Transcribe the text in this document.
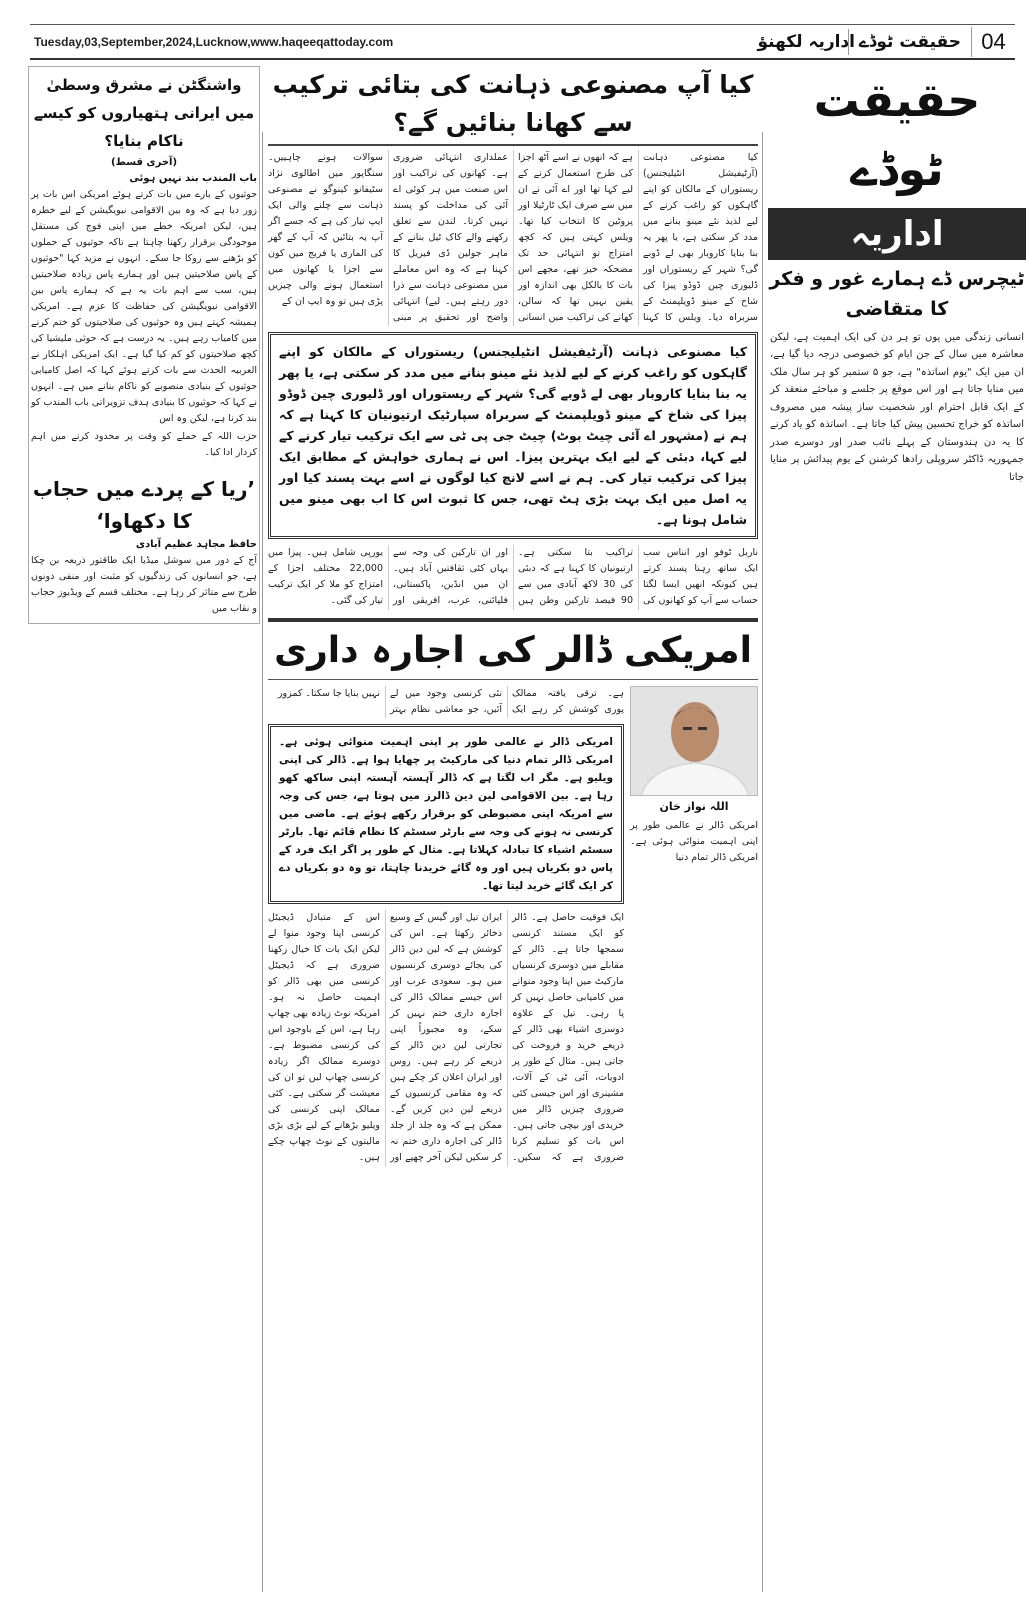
Tuesday,03,September,2024,Lucknow,www.haqeeqattoday.com	اداریہ لکھنؤ حقیقت ٹوڈے 04
واشنگٹن نے مشرق وسطیٰ میں ایرانی ہتھیاروں کو کیسے ناکام بنایا؟
(آخری قسط)
باب المندب بند نہیں ہوئی

حوثیوں کے بارے میں بات کرتے ہوئے امریکی اس بات پر زور دیا ہے کہ وہ بین الاقوامی نیویگیشن کے لیے خطرہ ہیں، لیکن امریکہ خطے میں اپنی فوج کی مستقل موجودگی برقرار رکھنا چاہتا ہے تاکہ حوثیوں کے حملوں کو بڑھنے سے روکا جا سکے۔ انہوں نے مزید کہا "حوثیوں کے پاس صلاحیتیں ہیں اور ہمارے پاس زیادہ صلاحیتیں ہیں، سب سے اہم بات یہ ہے کہ ہمارے پاس بین الاقوامی نیویگیشن کی حفاظت کا عزم ہے۔ امریکی ہمیشہ کہتے ہیں وہ حوثیوں کی صلاحیتوں کو ختم کرنے میں کامیاب رہے ہیں۔ یہ درست ہے کہ حوثی ملیشیا کی کچھ صلاحیتوں کو کم کیا گیا ہے۔ ایک امریکی اہلکار نے العربیہ الحدث سے بات کرتے ہوئے کہا کہ اصل کامیابی حوثیوں کے بنیادی منصوبے کو ناکام بنانے میں ہے۔ انہوں نے کہا کہ حوثیوں کا بنیادی ہدف تزویراتی باب المندب کو بند کرنا ہے، لیکن وہ اس

حزب اللہ کے حملے کو وقت پر محدود کرنے میں اہم کردار ادا کیا۔

’ریا کے پردے میں حجاب کا دکھاوا‘
حافظ مجاہد عظیم آبادی

آج کے دور میں سوشل میڈیا ایک طاقتور ذریعہ بن چکا ہے، جو انسانوں کی زندگیوں کو مثبت اور منفی دونوں طرح سے متاثر کر رہا ہے۔ مختلف قسم کے ویڈیوز حجاب و نقاب میں

کیا آپ مصنوعی ذہانت کی بتائی ترکیب سے کھانا بنائیں گے؟

کیا مصنوعی ذہانت (آرٹیفیشل انٹیلیجنس) ریستوراں کے مالکان کو اپنے گاہکوں کو راغب کرنے کے لیے لذیذ نئے مینو بنانے میں مدد کر سکتی ہے، یا پھر یہ بنا بنایا کاروبار بھی لے ڈوبے گی؟ شہر کے ریستوراں اور ڈلیوری چین ڈوڈو پیزا کی شاخ کے مینو ڈویلپمنٹ کے سربراہ دیا۔ ویلس کا کہنا ہے کہ انھوں نے اسے آٹھ اجزا کی طرح استعمال کرنے کے لیے کہا تھا اور اے آئی نے ان میں سے صرف ایک ٹارٹیلا اور پروٹین کا انتخاب کیا تھا۔ ویلس کہتی ہیں کہ کچھ امتزاج تو انتہائی حد تک مضحکہ خیز تھے، مجھے اس بات کا بالکل بھی اندازہ اور یقین نہیں تھا کہ سالن، کھانے کی تراکیب میں انسانی عملداری انتہائی ضروری ہے۔ کھانوں کی تراکیب اور اس صنعت میں ہر کوئی اے آئی کی مداخلت کو پسند نہیں کرتا۔ لندن سے تعلق رکھنے والے کاک ٹیل بنانے کے ماہر جولین ڈی فیریل کا کہنا ہے کہ وہ اس معاملے میں مصنوعی ذہانت سے ذرا دور رہتے ہیں۔ لیے) انتہائی واضح اور تحقیق پر مبنی سوالات ہونے چاہییں۔ سنگاپور میں اطالوی نژاد سٹیفانو کینوگو نے مصنوعی ذہانت سے چلنے والی ایک ایپ تیار کی ہے کہ جسے اگر آپ یہ بتائیں کہ آپ کے گھر کی الماری یا فریج میں کون سے اجزا یا کھانوں میں استعمال ہونے والی چیزیں پڑی ہیں تو وہ ایپ ان کے

کیا مصنوعی ذہانت (آرٹیفیشل انٹیلیجنس) ریستوراں کے مالکان کو اپنے گاہکوں کو راغب کرنے کے لیے لذیذ نئے مینو بنانے میں مدد کر سکتی ہے، یا پھر یہ بنا بنایا کاروبار بھی لے ڈوبے گی؟ شہر کے ریستوراں اور ڈلیوری چین ڈوڈو پیزا کی شاخ کے مینو ڈویلپمنٹ کے سربراہ سپارٹیک ارتیونیان کا کہنا ہے کہ ہم نے (مشہور اے آئی چیٹ بوٹ) چیٹ جی پی ٹی سے ایک ترکیب تیار کرنے کے لیے کہا، دبئی کے لیے ایک بہترین پیزا۔ اس نے ہماری خواہش کے مطابق ایک پیزا کی ترکیب تیار کی۔ ہم نے اسے لانچ کیا لوگوں نے اسے بہت پسند کیا اور یہ اصل میں ایک بہت بڑی ہٹ تھی، جس کا ثبوت اس کا اب بھی مینو میں شامل ہونا ہے۔

ناریل ٹوفو اور انناس سب ایک ساتھ رہنا پسند کرتے ہیں کیونکہ انھیں ایسا لگتا حساب سے آپ کو کھانوں کی تراکیب بتا سکتی ہے۔ ارتیونیان کا کہنا ہے کہ دبئی کی 30 لاکھ آبادی میں سے 90 فیصد تارکین وطن ہیں اور ان تارکین کی وجہ سے یہاں کئی ثقافتیں آباد ہیں۔ ان میں انڈین، پاکستانی، فلپائنی، عرب، افریقی اور یورپی شامل ہیں۔ پیزا میں 22,000 مختلف اجزا کے امتزاج کو ملا کر ایک ترکیب تیار کی گئی۔

امریکی ڈالر کی اجارہ داری

ہے۔ ترقی یافتہ ممالک پوری کوشش کر رہے ایک نئی کرنسی وجود میں لے آئیں، جو معاشی نظام بہتر نہیں بنایا جا سکتا۔ کمزور

امریکی ڈالر نے عالمی طور پر اپنی اہمیت منوائی ہوئی ہے۔ امریکی ڈالر تمام دنیا کی مارکیٹ پر چھایا ہوا ہے۔ ڈالر کی اپنی ویلیو ہے۔ مگر اب لگتا ہے کہ ڈالر آہستہ آہستہ اپنی ساکھ کھو رہا ہے۔ بین الاقوامی لین دین ڈالرز میں ہوتا ہے، جس کی وجہ سے امریکہ اپنی مضبوطی کو برقرار رکھے ہوئے ہے۔ ماضی میں کرنسی نہ ہونے کی وجہ سے بارٹر سسٹم کا نظام قائم تھا۔ بارٹر سسٹم اشیاء کا تبادلہ کہلاتا ہے۔ مثال کے طور پر اگر ایک فرد کے پاس دو بکریاں ہیں اور وہ گائے خریدنا چاہتا، تو وہ دو بکریاں دے کر ایک گائے خرید لیتا تھا۔

ایک فوقیت حاصل ہے۔ ڈالر کو ایک مستند کرنسی سمجھا جاتا ہے۔ ڈالر کے مقابلے میں دوسری کرنسیاں مارکیٹ میں اپنا وجود منوانے میں کامیابی حاصل نہیں کر پا رہی۔ تیل کے علاوہ دوسری اشیاء بھی ڈالر کے ذریعے خرید و فروخت کی جاتی ہیں۔ مثال کے طور پر ادویات، آئی ٹی کے آلات، مشینری اور اس جیسی کئی ضروری چیزیں ڈالر میں خریدی اور بیچی جاتی ہیں۔ اس بات کو تسلیم کرنا ضروری ہے کہ سکیں۔ ایران تیل اور گیس کے وسیع ذخائر رکھتا ہے۔ اس کی کوشش ہے کہ لین دین ڈالر کی بجائے دوسری کرنسیوں میں ہو۔ سعودی عرب اور اس جیسے ممالک ڈالر کی اجارہ داری ختم نہیں کر سکے، وہ مجبوراً اپنی تجارتی لین دین ڈالر کے ذریعے کر رہے ہیں۔ روس اور ایران اعلان کر چکے ہیں کہ وہ مقامی کرنسیوں کے ذریعے لین دین کریں گے۔ ممکن ہے کہ وہ جلد از جلد ڈالر کی اجارہ داری ختم نہ کر سکیں لیکن آخر چھپے اور اس کے متبادل ڈیجیٹل کرنسی اپنا وجود منوا لے لیکن ایک بات کا خیال رکھنا ضروری ہے کہ ڈیجیٹل کرنسی میں بھی ڈالر کو اہمیت حاصل نہ ہو۔ امریکہ نوٹ زیادہ بھی چھاپ رہا ہے، اس کے باوجود اس کی کرنسی مضبوط ہے۔ دوسرے ممالک اگر زیادہ کرنسی چھاپ لیں تو ان کی معیشت گر سکتی ہے۔ کئی ممالک اپنی کرنسی کی ویلیو بڑھانے کے لیے بڑی بڑی مالیتوں کے نوٹ چھاپ چکے ہیں۔

اللہ نواز خان

امریکی ڈالر نے عالمی طور پر اپنی اہمیت منوائی ہوئی ہے۔ امریکی ڈالر تمام دنیا

حقیقت ٹوڈے
اداریہ
ٹیچرس ڈے ہمارے غور و فکر کا متقاضی

انسانی زندگی میں یوں تو ہر دن کی ایک اہمیت ہے، لیکن معاشرہ میں سال کے جن ایام کو خصوصی درجہ دیا گیا ہے، ان میں ایک "یوم اساتذہ" ہے، جو ۵ ستمبر کو ہر سال ملک میں منایا جاتا ہے اور اس موقع پر جلسے و مباحثے منعقد کر کے ایک قابل احترام اور شخصیت ساز پیشہ میں مصروف اساتذہ کو خراج تحسین پیش کیا جاتا ہے۔ اساتذہ کو یاد کرنے کا یہ دن ہندوستان کے پہلے نائب صدر اور دوسرے صدر جمہوریہ ڈاکٹر سروپلی رادھا کرشنن کے یوم پیدائش پر منایا جاتا
